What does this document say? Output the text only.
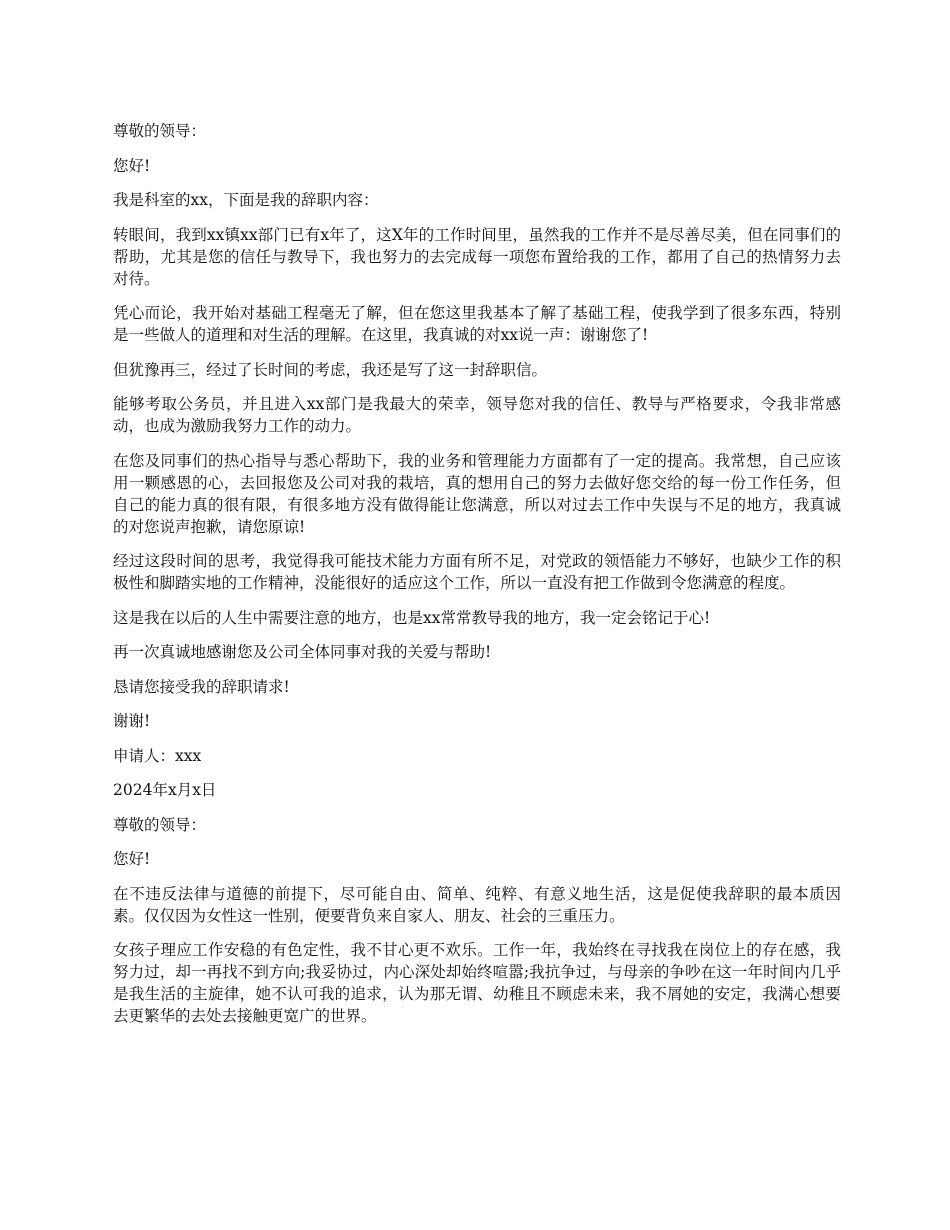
尊敬的领导：

您好!

我是科室的xx，下面是我的辞职内容：

转眼间，我到xx镇xx部门已有x年了，这X年的工作时间里，虽然我的工作并不是尽善尽美，但在同事们的帮助，尤其是您的信任与教导下，我也努力的去完成每一项您布置给我的工作，都用了自己的热情努力去对待。

凭心而论，我开始对基础工程毫无了解，但在您这里我基本了解了基础工程，使我学到了很多东西，特别是一些做人的道理和对生活的理解。在这里，我真诚的对xx说一声：谢谢您了!

但犹豫再三，经过了长时间的考虑，我还是写了这一封辞职信。

能够考取公务员，并且进入xx部门是我最大的荣幸，领导您对我的信任、教导与严格要求，令我非常感动，也成为激励我努力工作的动力。

在您及同事们的热心指导与悉心帮助下，我的业务和管理能力方面都有了一定的提高。我常想，自己应该用一颗感恩的心，去回报您及公司对我的栽培，真的想用自己的努力去做好您交给的每一份工作任务，但自己的能力真的很有限，有很多地方没有做得能让您满意，所以对过去工作中失误与不足的地方，我真诚的对您说声抱歉，请您原谅!

经过这段时间的思考，我觉得我可能技术能力方面有所不足，对党政的领悟能力不够好，也缺少工作的积极性和脚踏实地的工作精神，没能很好的适应这个工作，所以一直没有把工作做到令您满意的程度。

这是我在以后的人生中需要注意的地方，也是xx常常教导我的地方，我一定会铭记于心!

再一次真诚地感谢您及公司全体同事对我的关爱与帮助!

恳请您接受我的辞职请求!

谢谢!

申请人：xxx

2024年x月x日

尊敬的领导：

您好!

在不违反法律与道德的前提下，尽可能自由、简单、纯粹、有意义地生活，这是促使我辞职的最本质因素。仅仅因为女性这一性别，便要背负来自家人、朋友、社会的三重压力。

女孩子理应工作安稳的有色定性，我不甘心更不欢乐。工作一年，我始终在寻找我在岗位上的存在感，我努力过，却一再找不到方向;我妥协过，内心深处却始终喧嚣;我抗争过，与母亲的争吵在这一年时间内几乎是我生活的主旋律，她不认可我的追求，认为那无谓、幼稚且不顾虑未来，我不屑她的安定，我满心想要去更繁华的去处去接触更宽广的世界。
